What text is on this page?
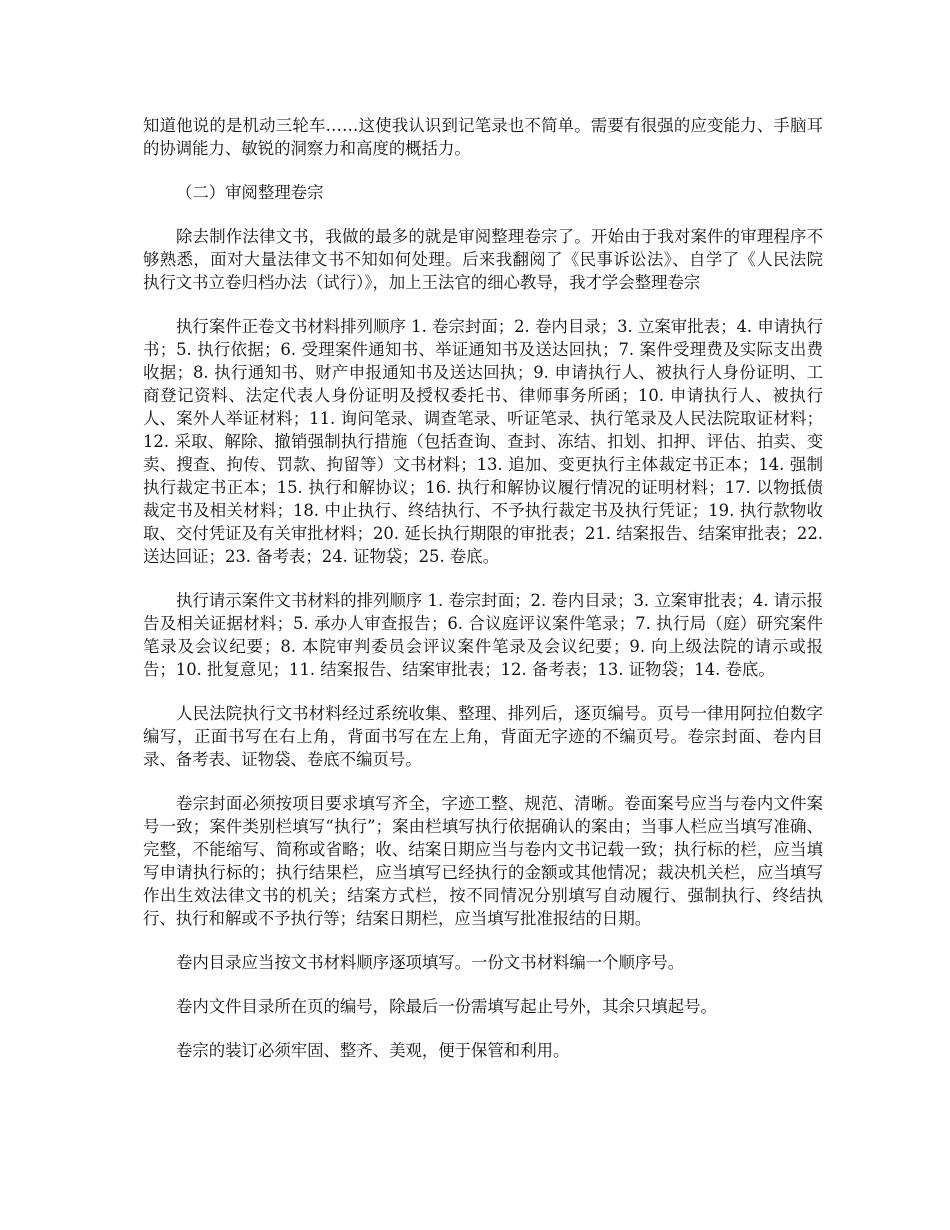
知道他说的是机动三轮车……这使我认识到记笔录也不简单。需要有很强的应变能力、手脑耳的协调能力、敏锐的洞察力和高度的概括力。

（二）审阅整理卷宗

除去制作法律文书，我做的最多的就是审阅整理卷宗了。开始由于我对案件的审理程序不够熟悉，面对大量法律文书不知如何处理。后来我翻阅了《民事诉讼法》、自学了《人民法院执行文书立卷归档办法（试行）》，加上王法官的细心教导，我才学会整理卷宗

执行案件正卷文书材料排列顺序 1. 卷宗封面；2. 卷内目录；3. 立案审批表；4. 申请执行书；5. 执行依据；6. 受理案件通知书、举证通知书及送达回执；7. 案件受理费及实际支出费收据；8. 执行通知书、财产申报通知书及送达回执；9. 申请执行人、被执行人身份证明、工商登记资料、法定代表人身份证明及授权委托书、律师事务所函；10. 申请执行人、被执行人、案外人举证材料；11. 询问笔录、调查笔录、听证笔录、执行笔录及人民法院取证材料；12. 采取、解除、撤销强制执行措施（包括查询、查封、冻结、扣划、扣押、评估、拍卖、变卖、搜查、拘传、罚款、拘留等）文书材料；13. 追加、变更执行主体裁定书正本；14. 强制执行裁定书正本；15. 执行和解协议；16. 执行和解协议履行情况的证明材料；17. 以物抵债裁定书及相关材料；18. 中止执行、终结执行、不予执行裁定书及执行凭证；19. 执行款物收取、交付凭证及有关审批材料；20. 延长执行期限的审批表；21. 结案报告、结案审批表；22. 送达回证；23. 备考表；24. 证物袋；25. 卷底。

执行请示案件文书材料的排列顺序 1. 卷宗封面；2. 卷内目录；3. 立案审批表；4. 请示报告及相关证据材料；5. 承办人审查报告；6. 合议庭评议案件笔录；7. 执行局（庭）研究案件笔录及会议纪要；8. 本院审判委员会评议案件笔录及会议纪要；9. 向上级法院的请示或报告；10. 批复意见；11. 结案报告、结案审批表；12. 备考表；13. 证物袋；14. 卷底。

人民法院执行文书材料经过系统收集、整理、排列后，逐页编号。页号一律用阿拉伯数字编写，正面书写在右上角，背面书写在左上角，背面无字迹的不编页号。卷宗封面、卷内目录、备考表、证物袋、卷底不编页号。

卷宗封面必须按项目要求填写齐全，字迹工整、规范、清晰。卷面案号应当与卷内文件案号一致；案件类别栏填写“执行”；案由栏填写执行依据确认的案由；当事人栏应当填写准确、完整，不能缩写、简称或省略；收、结案日期应当与卷内文书记载一致；执行标的栏，应当填写申请执行标的；执行结果栏，应当填写已经执行的金额或其他情况；裁决机关栏，应当填写作出生效法律文书的机关；结案方式栏，按不同情况分别填写自动履行、强制执行、终结执行、执行和解或不予执行等；结案日期栏，应当填写批准报结的日期。

卷内目录应当按文书材料顺序逐项填写。一份文书材料编一个顺序号。

卷内文件目录所在页的编号，除最后一份需填写起止号外，其余只填起号。

卷宗的装订必须牢固、整齐、美观，便于保管和利用。
